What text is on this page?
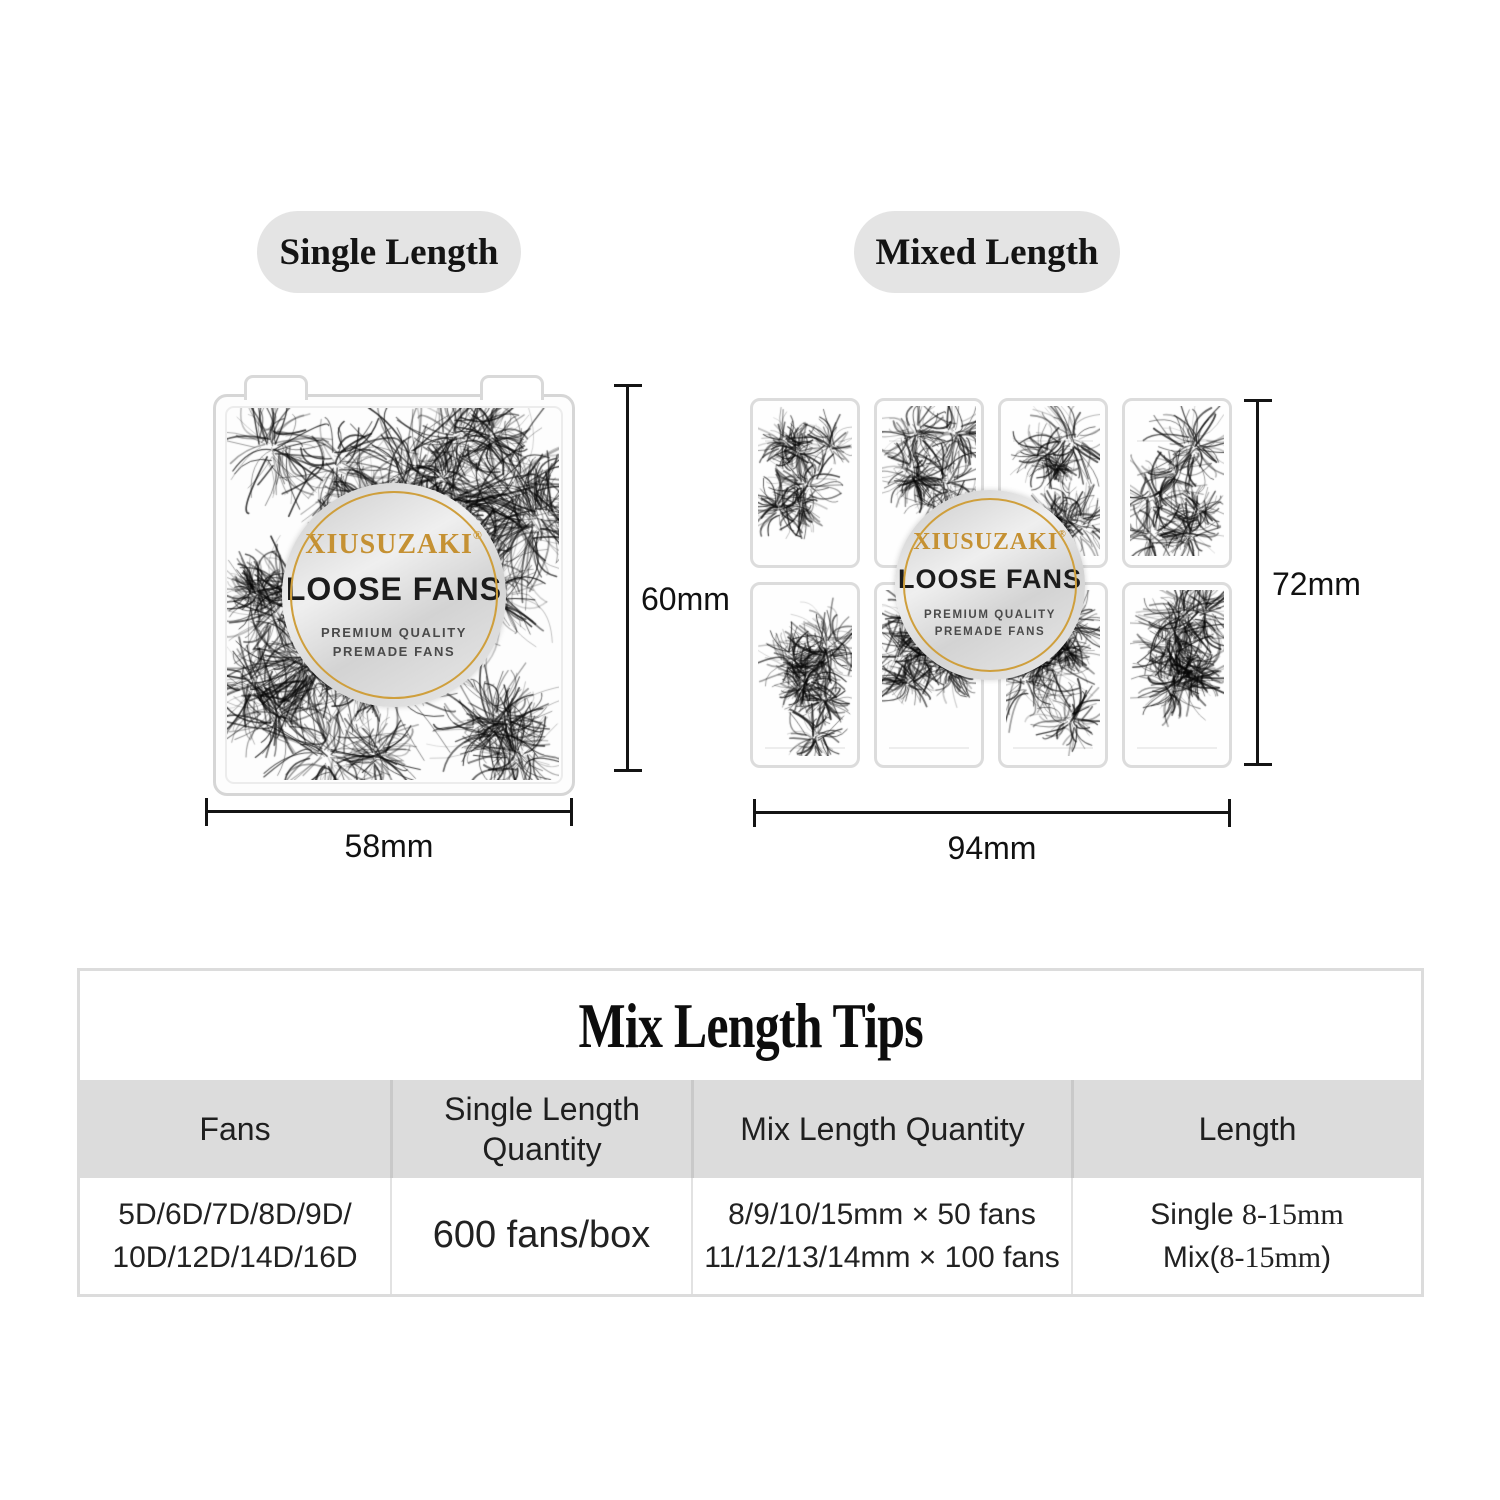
Single Length	Mixed Length
XIUSUZAKI®
LOOSE FANS
PREMIUM QUALITY
PREMADE FANS
60mm
58mm
XIUSUZAKI®
LOOSE FANS
PREMIUM QUALITY
PREMADE FANS
72mm
94mm
Mix Length Tips
Fans
Single Length Quantity
Mix Length Quantity	Length
5D/6D/7D/8D/9D/
10D/12D/14D/16D
600 fans/box
8/9/10/15mm × 50 fans
11/12/13/14mm × 100 fans
Single 8-15mm
Mix(8-15mm)
